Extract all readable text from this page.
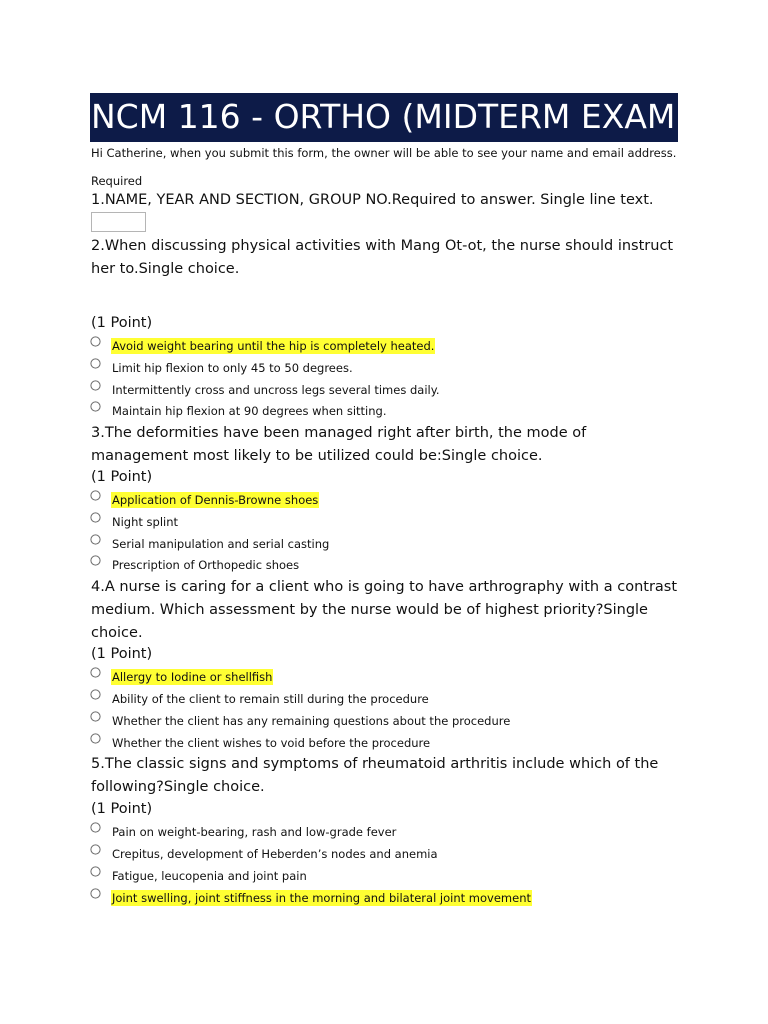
NCM 116 - ORTHO (MIDTERM EXAM
Hi Catherine, when you submit this form, the owner will be able to see your name and email address.
Required
1.NAME, YEAR AND SECTION, GROUP NO.Required to answer. Single line text.
2.When discussing physical activities with Mang Ot-ot, the nurse should instruct her to.Single choice.
(1 Point)
Avoid weight bearing until the hip is completely heated.
Limit hip flexion to only 45 to 50 degrees.
Intermittently cross and uncross legs several times daily.
Maintain hip flexion at 90 degrees when sitting.
3.The deformities have been managed right after birth, the mode of management most likely to be utilized could be:Single choice.
(1 Point)
Application of Dennis-Browne shoes
Night splint
Serial manipulation and serial casting
Prescription of Orthopedic shoes
4.A nurse is caring for a client who is going to have arthrography with a contrast medium. Which assessment by the nurse would be of highest priority?Single choice.
(1 Point)
Allergy to Iodine or shellfish
Ability of the client to remain still during the procedure
Whether the client has any remaining questions about the procedure
Whether the client wishes to void before the procedure
5.The classic signs and symptoms of rheumatoid arthritis include which of the following?Single choice.
(1 Point)
Pain on weight-bearing, rash and low-grade fever
Crepitus, development of Heberden’s nodes and anemia
Fatigue, leucopenia and joint pain
Joint swelling, joint stiffness in the morning and bilateral joint movement
